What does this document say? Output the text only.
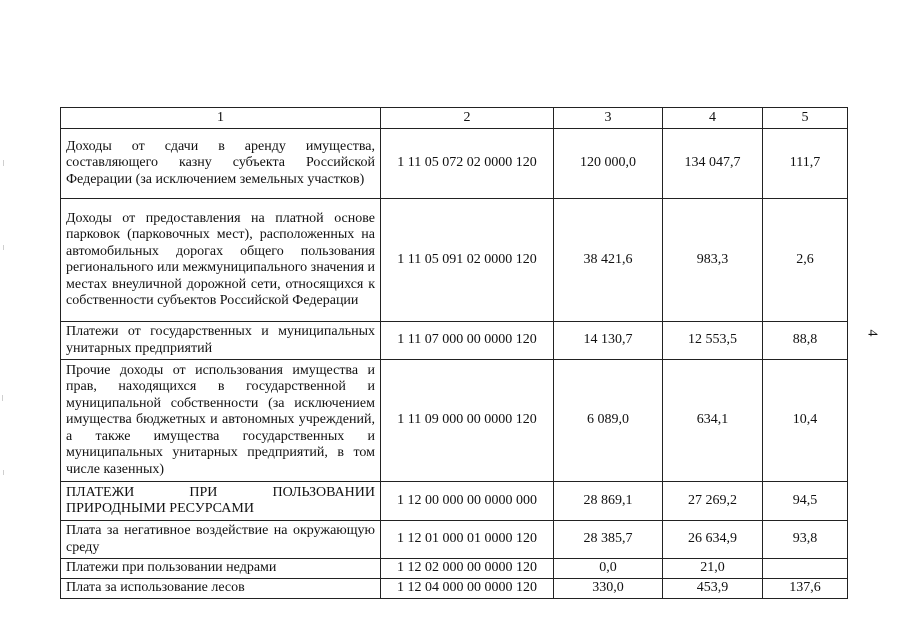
1	2	3	4	5
Доходы от сдачи в аренду имущества, составляющего казну субъекта Российской Федерации (за исключением земельных участков)	1 11 05 072 02 0000 120	120 000,0	134 047,7	111,7
Доходы от предоставления на платной основе парковок (парковочных мест), расположенных на автомобильных дорогах общего пользования регионального или межмуниципального значения и местах внеуличной дорожной сети, относящихся к собственности субъектов Российской Федерации	1 11 05 091 02 0000 120	38 421,6	983,3	2,6
Платежи от государственных и муниципальных унитарных предприятий	1 11 07 000 00 0000 120	14 130,7	12 553,5	88,8
Прочие доходы от использования имущества и прав, находящихся в государственной и муниципальной собственности (за исключением имущества бюджетных и автономных учреждений, а также имущества государственных и муниципальных унитарных предприятий, в том числе казенных)	1 11 09 000 00 0000 120	6 089,0	634,1	10,4
ПЛАТЕЖИ ПРИ ПОЛЬЗОВАНИИ ПРИРОДНЫМИ РЕСУРСАМИ	1 12 00 000 00 0000 000	28 869,1	27 269,2	94,5
Плата за негативное воздействие на окружающую среду	1 12 01 000 01 0000 120	28 385,7	26 634,9	93,8
Платежи при пользовании недрами	1 12 02 000 00 0000 120	0,0	21,0	
Плата за использование лесов	1 12 04 000 00 0000 120	330,0	453,9	137,6
4
